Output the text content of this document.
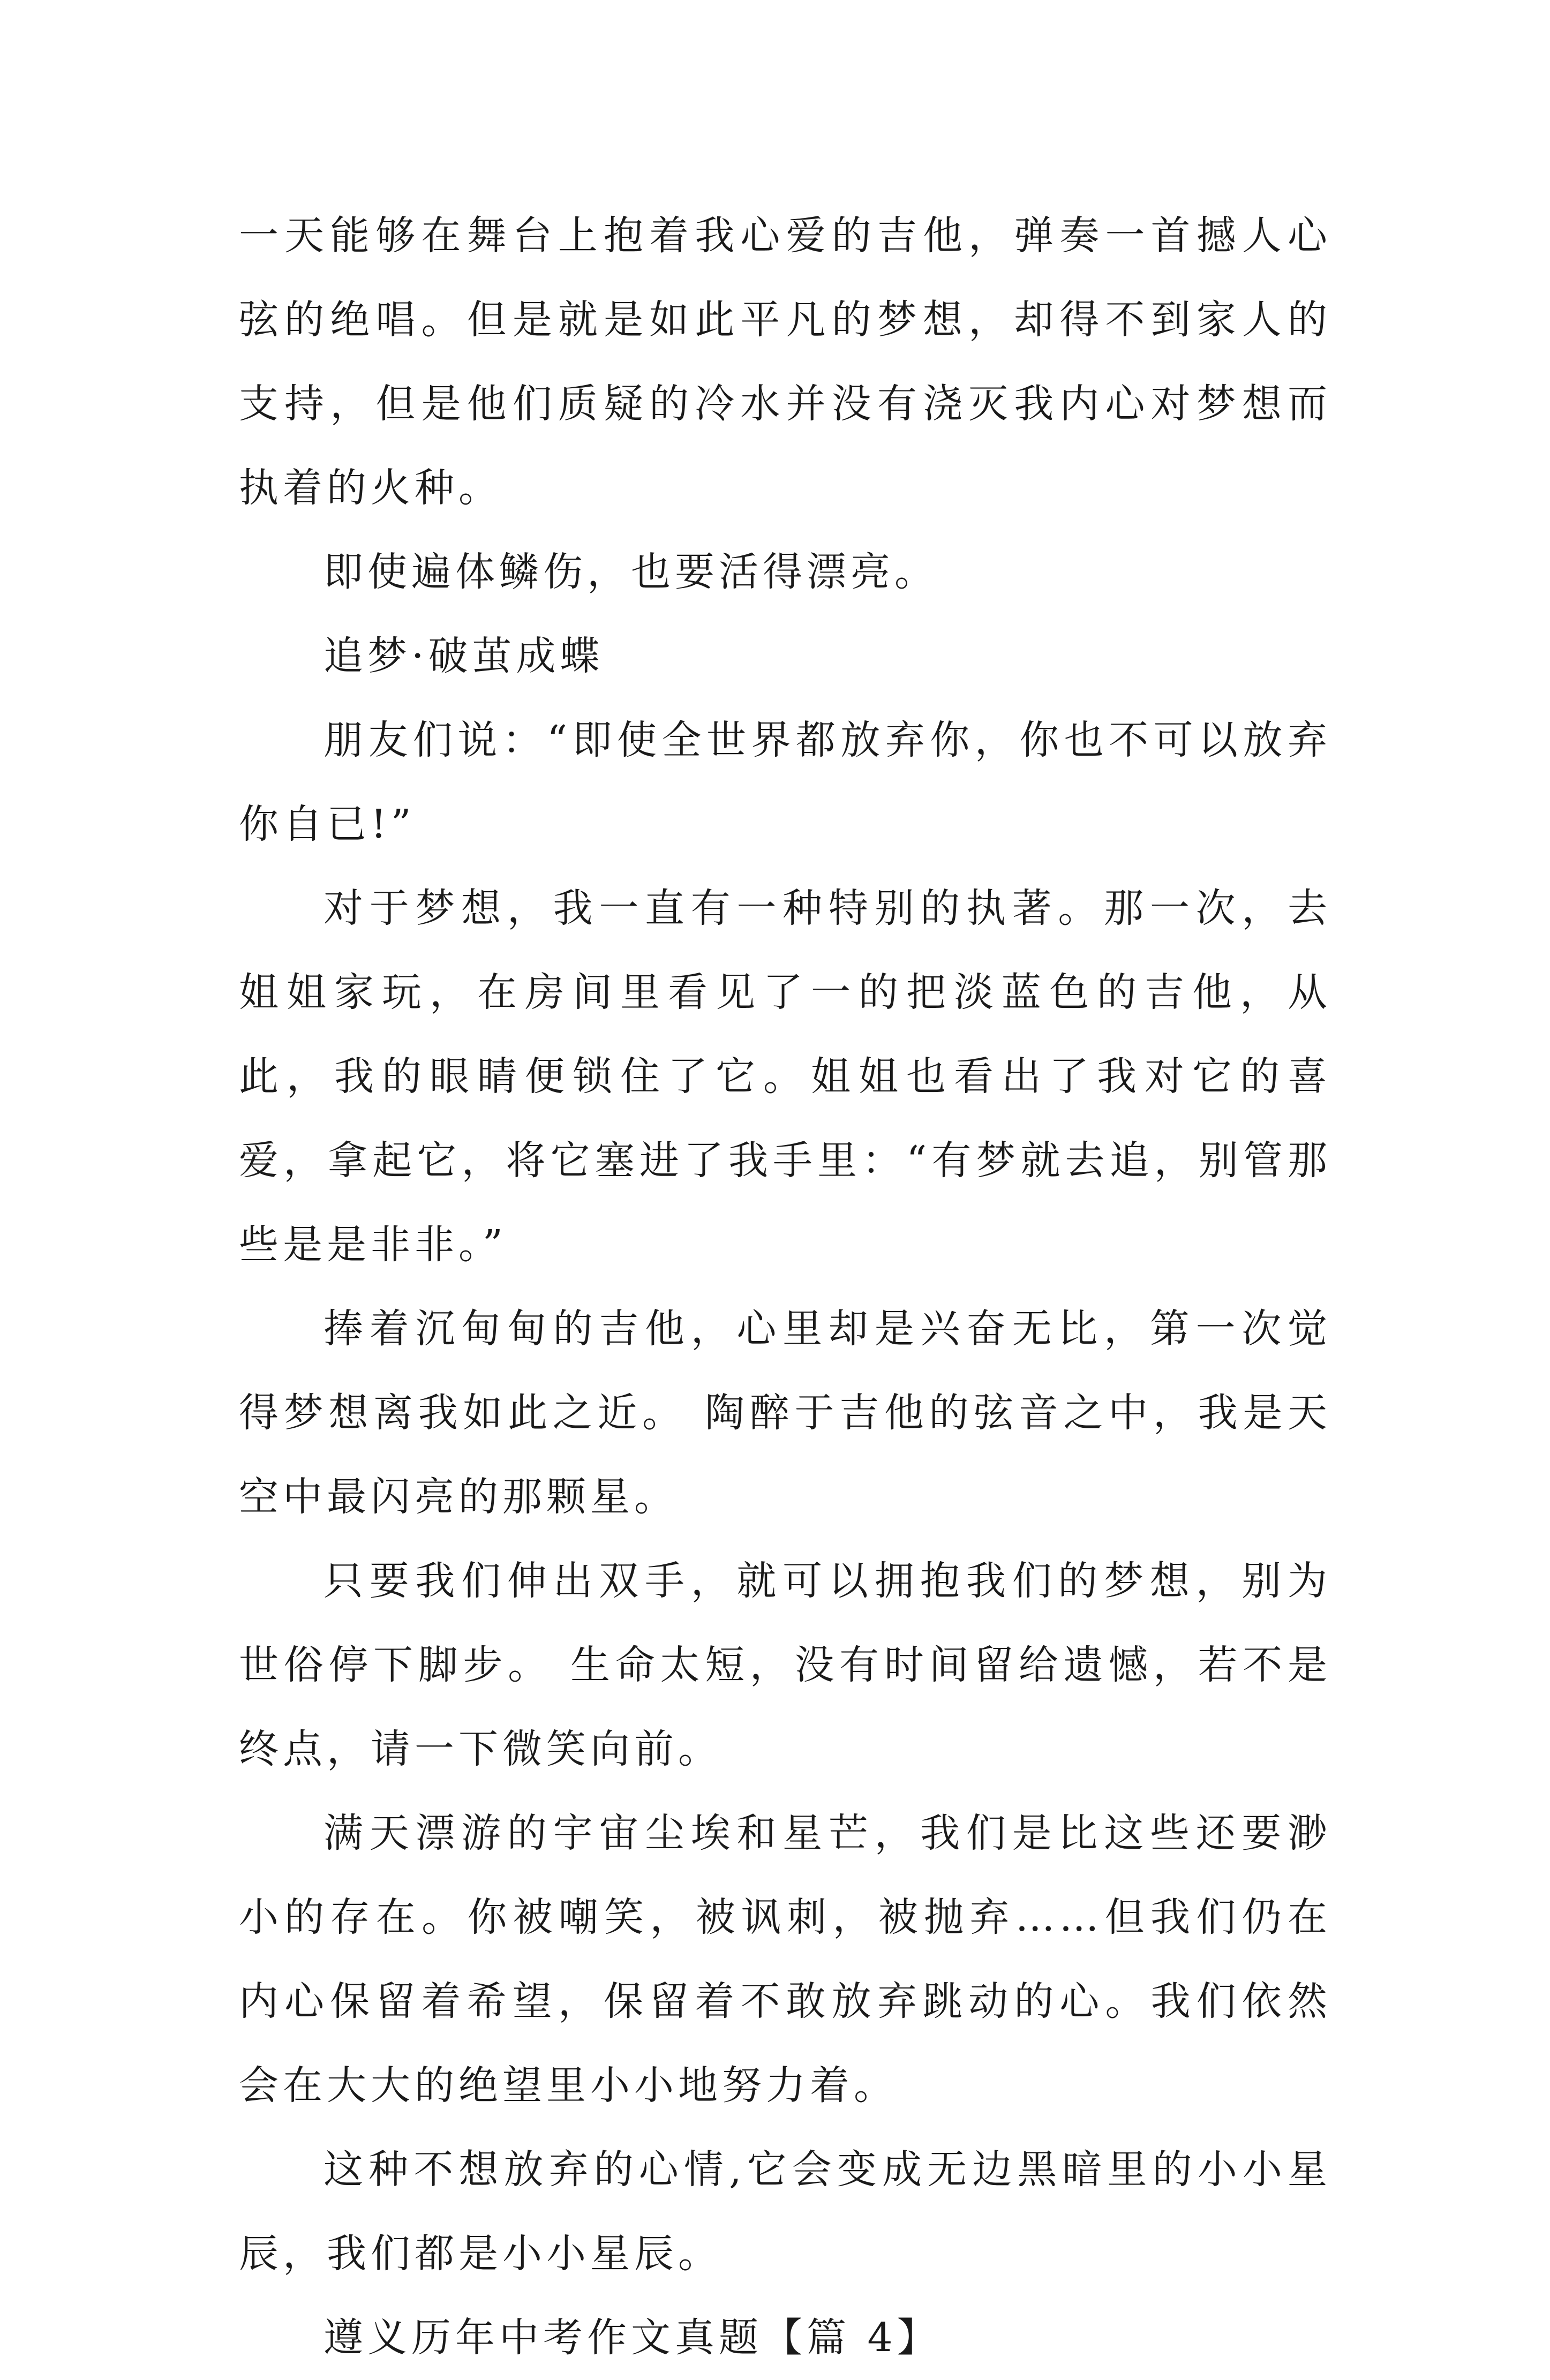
一天能够在舞台上抱着我心爱的吉他，弹奏一首撼人心弦的绝唱。但是就是如此平凡的梦想，却得不到家人的支持，但是他们质疑的冷水并没有浇灭我内心对梦想而执着的火种。

即使遍体鳞伤，也要活得漂亮。

追梦·破茧成蝶

朋友们说：“即使全世界都放弃你，你也不可以放弃你自已!”

对于梦想，我一直有一种特别的执著。那一次，去姐姐家玩，在房间里看见了一的把淡蓝色的吉他，从此，我的眼睛便锁住了它。姐姐也看出了我对它的喜爱，拿起它，将它塞进了我手里：“有梦就去追，别管那些是是非非。”

捧着沉甸甸的吉他，心里却是兴奋无比，第一次觉得梦想离我如此之近。 陶醉于吉他的弦音之中，我是天空中最闪亮的那颗星。

只要我们伸出双手，就可以拥抱我们的梦想，别为世俗停下脚步。 生命太短，没有时间留给遗憾，若不是终点，请一下微笑向前。

满天漂游的宇宙尘埃和星芒，我们是比这些还要渺小的存在。你被嘲笑，被讽刺，被抛弃……但我们仍在内心保留着希望，保留着不敢放弃跳动的心。我们依然会在大大的绝望里小小地努力着。

这种不想放弃的心情,它会变成无边黑暗里的小小星辰，我们都是小小星辰。

遵义历年中考作文真题【篇 4】
